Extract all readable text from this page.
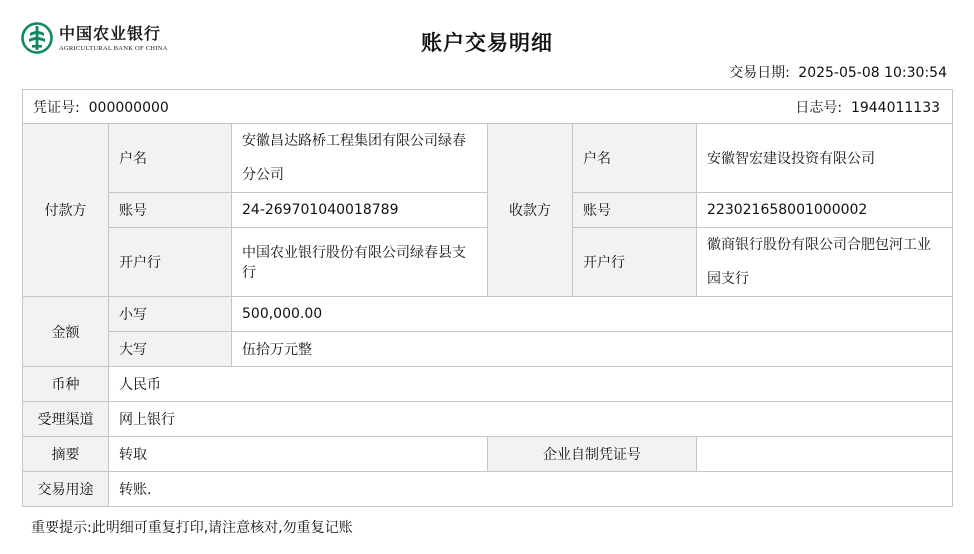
中国农业银行
AGRICULTURAL BANK OF CHINA	账户交易明细
交易日期: 2025-05-08 10:30:54
凭证号: 000000000 日志号: 1944011133					

付款方	户名	安徽昌达路桥工程集团有限公司绿春分公司	收款方	户名	安徽智宏建设投资有限公司
	账号	24-269701040018789		账号	223021658001000002
	开户行	中国农业银行股份有限公司绿春县支行		开户行	徽商银行股份有限公司合肥包河工业园支行
金额	小写	500,000.00			
	大写	伍拾万元整			
币种	人民币				
受理渠道	网上银行				
摘要	转取		企业自制凭证号		
交易用途	转账.				
重要提示:此明细可重复打印,请注意核对,勿重复记账
